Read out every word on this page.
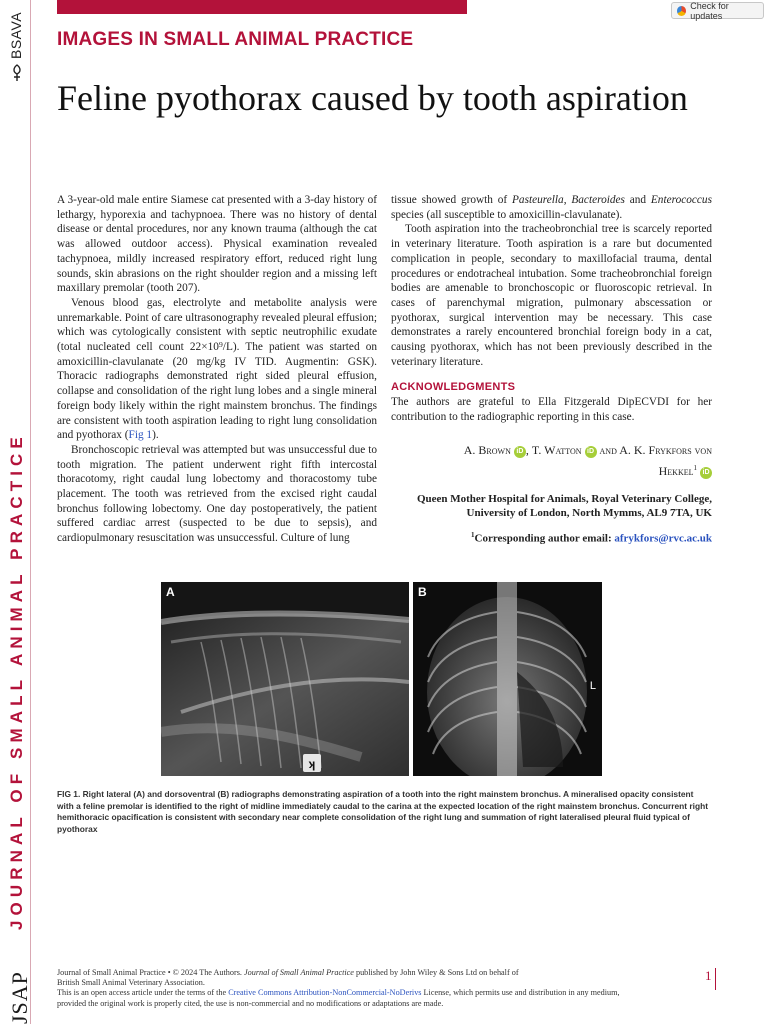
Check for updates
BSAVA
JOURNAL OF SMALL ANIMAL PRACTICE
JSAP
IMAGES IN SMALL ANIMAL PRACTICE
Feline pyothorax caused by tooth aspiration

A 3-year-old male entire Siamese cat presented with a 3-day history of lethargy, hyporexia and tachypnoea. There was no history of dental disease or dental procedures, nor any known trauma (although the cat was allowed outdoor access). Physical examination revealed tachypnoea, mildly increased respiratory effort, reduced right lung sounds, skin abrasions on the right shoulder region and a missing left maxillary premolar (tooth 207).

Venous blood gas, electrolyte and metabolite analysis were unremarkable. Point of care ultrasonography revealed pleural effusion; which was cytologically consistent with septic neutrophilic exudate (total nucleated cell count 22×10⁹/L). The patient was started on amoxicillin-clavulanate (20 mg/kg IV TID. Augmentin: GSK). Thoracic radiographs demonstrated right sided pleural effusion, collapse and consolidation of the right lung lobes and a single mineral foreign body likely within the right mainstem bronchus. The findings are consistent with tooth aspiration leading to right lung consolidation and pyothorax (Fig 1).

Bronchoscopic retrieval was attempted but was unsuccessful due to tooth migration. The patient underwent right fifth intercostal thoracotomy, right caudal lung lobectomy and thoracostomy tube placement. The tooth was retrieved from the excised right caudal bronchus following lobectomy. One day postoperatively, the patient suffered cardiac arrest (suspected to be due to sepsis), and cardiopulmonary resuscitation was unsuccessful. Culture of lung

tissue showed growth of Pasteurella, Bacteroides and Enterococcus species (all susceptible to amoxicillin-clavulanate).

Tooth aspiration into the tracheobronchial tree is scarcely reported in veterinary literature. Tooth aspiration is a rare but documented complication in people, secondary to maxillofacial trauma, dental procedures or endotracheal intubation. Some tracheobronchial foreign bodies are amenable to bronchoscopic or fluoroscopic retrieval. In cases of parenchymal migration, pulmonary abscessation or pyothorax, surgical intervention may be necessary. This case demonstrates a rarely encountered bronchial foreign body in a cat, causing pyothorax, which has not been previously described in the veterinary literature.

ACKNOWLEDGMENTS

The authors are grateful to Ella Fitzgerald DipECVDI for her contribution to the radiographic reporting in this case.

A. Brown iD , T. Watton iD and A. K. Frykfors von
Hekkel$^1$ iD
Queen Mother Hospital for Animals, Royal Veterinary College,
University of London, North Mymms, AL9 7TA, UK
$^1$Corresponding author email: afrykfors@rvc.ac.uk
ʞ
A	B
L
FIG 1. Right lateral (A) and dorsoventral (B) radiographs demonstrating aspiration of a tooth into the right mainstem bronchus. A mineralised opacity consistent with a feline premolar is identified to the right of midline immediately caudal to the carina at the expected location of the right mainstem bronchus. Concurrent right hemithoracic opacification is consistent with secondary near complete consolidation of the right lung and summation of right lateralised pleural fluid typical of pyothorax
Journal of Small Animal Practice • © 2024 The Authors. Journal of Small Animal Practice published by John Wiley & Sons Ltd on behalf of
British Small Animal Veterinary Association.
This is an open access article under the terms of the Creative Commons Attribution-NonCommercial-NoDerivs License, which permits use and distribution in any medium,
provided the original work is properly cited, the use is non-commercial and no modifications or adaptations are made.
1
